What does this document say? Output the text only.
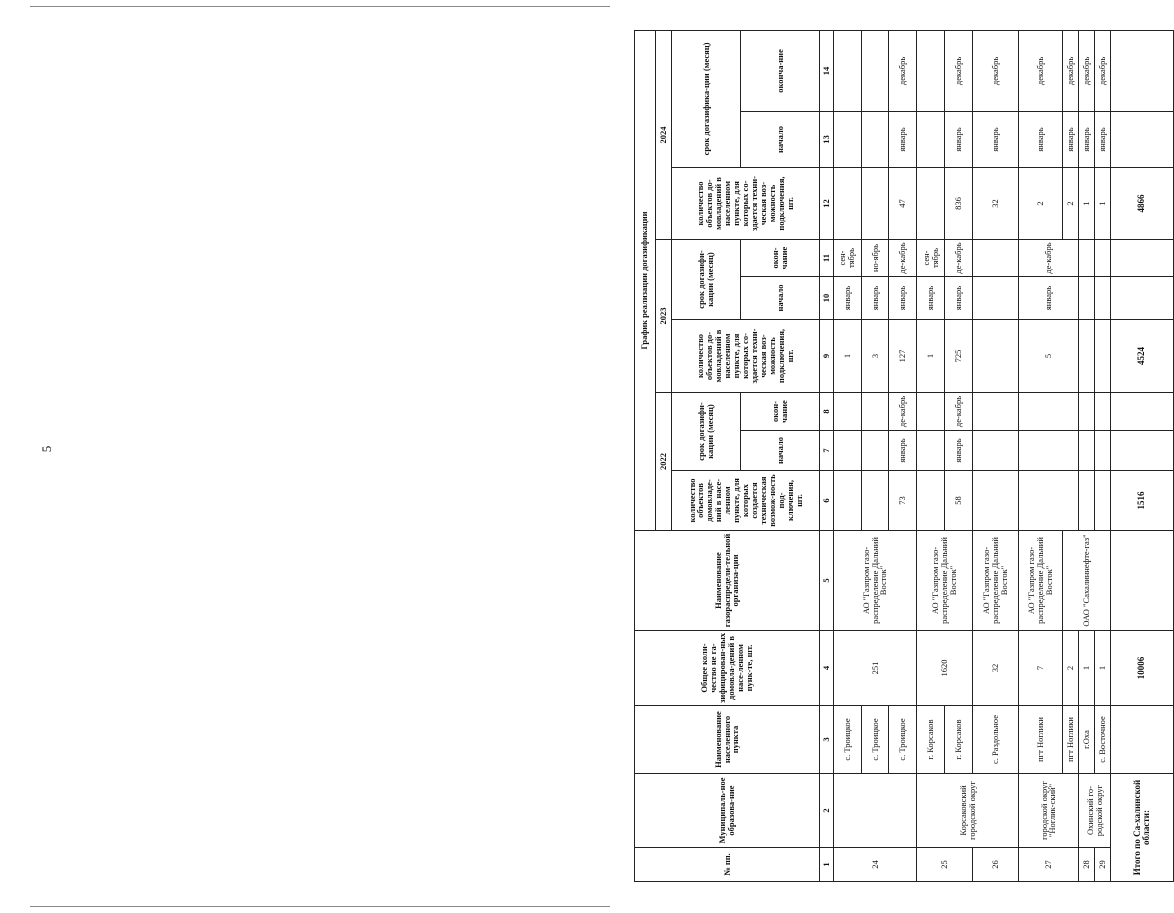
5
№ пп.	Муниципаль-ное образова-ние	Наименование населенного пункта	Общее коли-чество не га-зифицирован-ных домовла-дений в насе-ленном пунк-те, шт.	Наименование газораспредели-тельной организа-ции	График реализации догазификации								
					2022			2023			2024		
					количество объектов домовладе-ний в насе-ленном пункте, для которых создается техническая возмож-ность под-ключения, шт.	срок догазифи-кации (месяц)		количество объектов до-мовладений в населенном пункте, для которых со-здается техни-ческая воз-можность подключения, шт.	срок догазифи-кации (месяц)		количество объектов до-мовладений в населенном пункте, для которых со-здается техни-ческая воз-можность подключения, шт.	срок догазифика-ции (месяц)	
						начало	окон-чание		начало	окон-чание		начало	оконча-ние
1	2	3	4	5	6	7	8	9	10	11	12	13	14
24		с. Троицкое	251	АО "Газпром газо-распределение Дальний Восток"				1	январь	сен-тябрь			
		с. Троицкое						3	январь	но-ябрь			
		с. Троицкое			73	январь	де-кабрь	127	январь	де-кабрь	47	январь	декабрь
25	Корсаковский городской округ	г. Корсаков	1620	АО "Газпром газо-распределение Дальний Восток"				1	январь	сен-тябрь			
		г. Корсаков			58	январь	де-кабрь	725	январь	де-кабрь	836	январь	декабрь
26		с. Раздольное	32	АО "Газпром газо-распределение Дальний Восток"							32	январь	декабрь
27	городской округ "Ноглик-ский"	пгт Ноглики	7	АО "Газпром газо-распределение Дальний Восток"				5	январь	де-кабрь	2	январь	декабрь
		пгт Ноглики	2	ОАО "Сахалиннефте-газ"							2	январь	декабрь
28	Охинский го-родской округ	г.Оха	1								1	январь	декабрь
29		с. Восточное	1								1	январь	декабрь
Итого по Са-халинской области:			10006		1516			4524			4866		
